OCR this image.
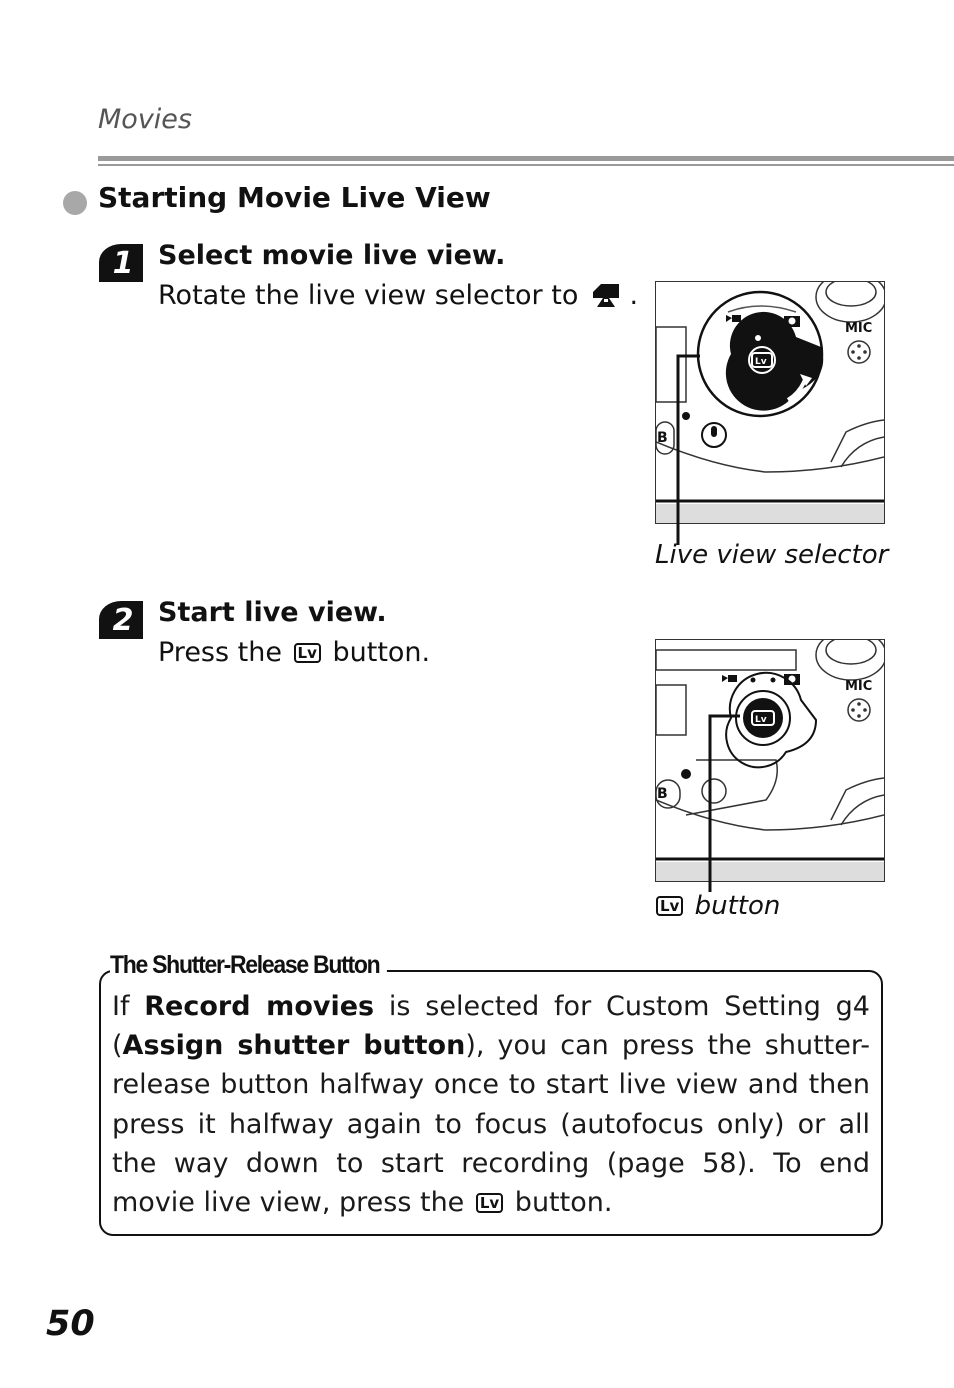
Movies
Starting Movie Live View
1 Select movie live view.
Rotate the live view selector to .
MIC
B
Lv
Live view selector
2 Start live view.
Press the Lv button.
MIC
B
Lv
Lv button
The Shutter-Release Button
If Record movies is selected for Custom Setting g4 (Assign shutter button), you can press the shutter-release button halfway once to start live view and then press it halfway again to focus (autofocus only) or all the way down to start recording (page 58). To end movie live view, press the Lv button.
50
